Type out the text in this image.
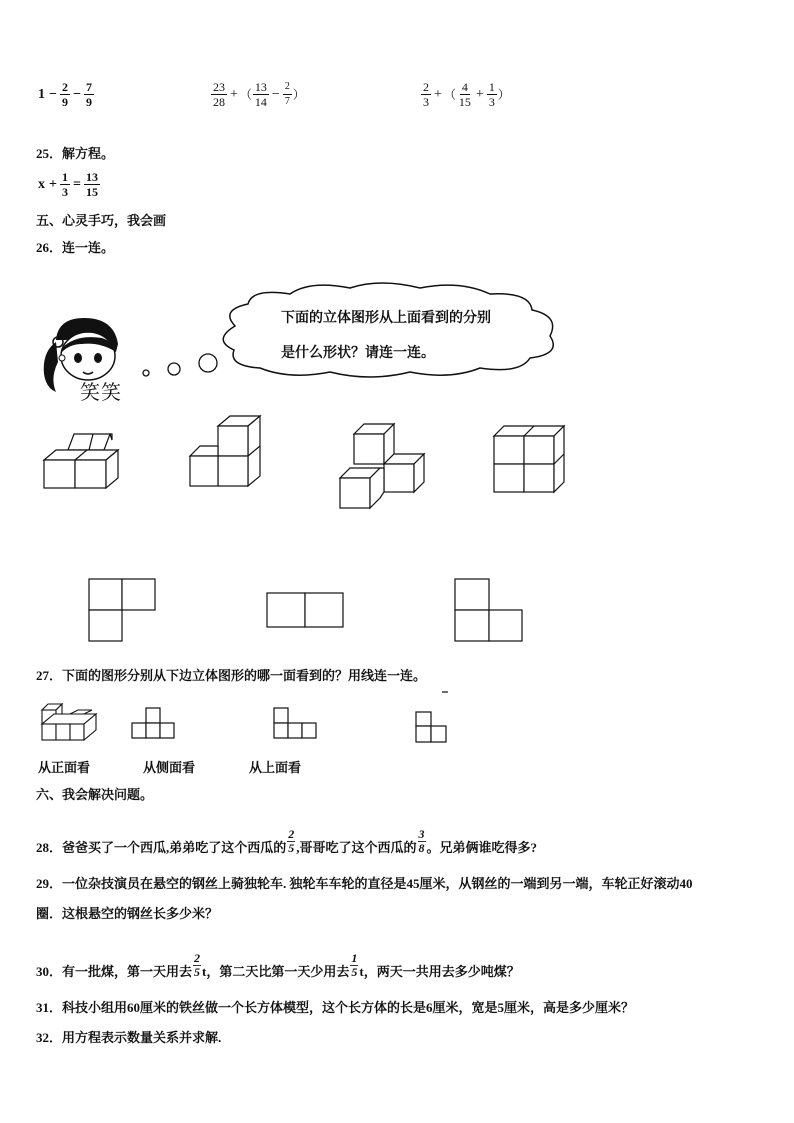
$1 - \frac{2}{9} - \frac{7}{9}$	$\frac{23}{28}$ + （ $\frac{13}{14} - \frac{2}{7}$ ）	$\frac{2}{3}$ + （ $\frac{4}{15} + \frac{1}{3}$ ）
25．解方程。
$x + \frac{1}{3} = \frac{13}{15}$
五、心灵手巧，我会画
26．连一连。
笑笑
下面的立体图形从上面看到的分别
是什么形状？请连一连。
27．下面的图形分别从下边立体图形的哪一面看到的？用线连一连。
从正面看	从侧面看	从上面看
六、我会解决问题。
28．爸爸买了一个西瓜,弟弟吃了这个西瓜的 $\frac{2}{5}$ ,哥哥吃了这个西瓜的 $\frac{3}{8}$ 。兄弟俩谁吃得多?
29．一位杂技演员在悬空的钢丝上骑独轮车. 独轮车车轮的直径是45厘米，从钢丝的一端到另一端，车轮正好滚动40
圈．这根悬空的钢丝长多少米？
30．有一批煤，第一天用去 $\frac{2}{5}$ t，第二天比第一天少用去 $\frac{1}{5}$ t，两天一共用去多少吨煤？
31．科技小组用60厘米的铁丝做一个长方体模型，这个长方体的长是6厘米，宽是5厘米，高是多少厘米？
32．用方程表示数量关系并求解.
